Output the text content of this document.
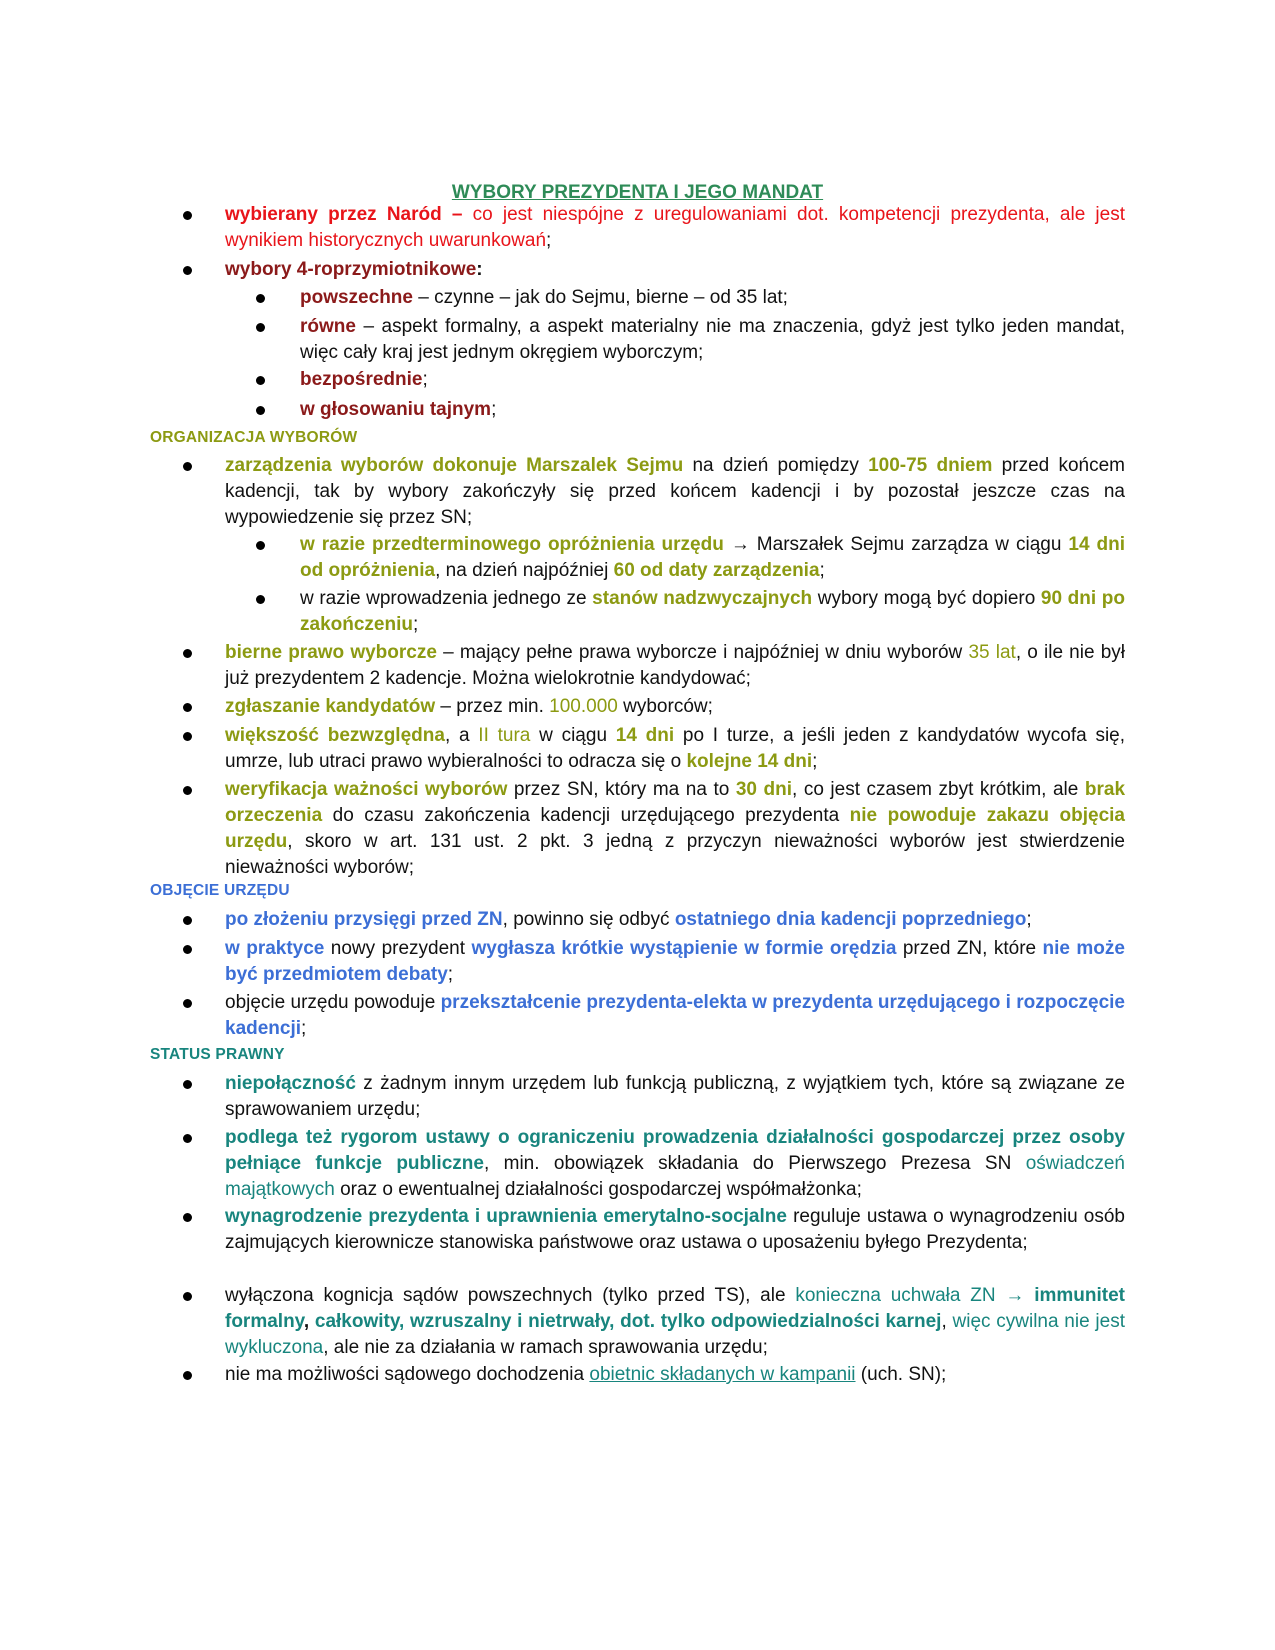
WYBORY PREZYDENTA I JEGO MANDAT
wybierany przez Naród – co jest niespójne z uregulowaniami dot. kompetencji prezydenta, ale jest wynikiem historycznych uwarunkowań;
wybory 4-roprzymiotnikowe:
powszechne – czynne – jak do Sejmu, bierne – od 35 lat;
równe – aspekt formalny, a aspekt materialny nie ma znaczenia, gdyż jest tylko jeden mandat, więc cały kraj jest jednym okręgiem wyborczym;
bezpośrednie;
w głosowaniu tajnym;
ORGANIZACJA WYBORÓW
zarządzenia wyborów dokonuje Marszalek Sejmu na dzień pomiędzy 100-75 dniem przed końcem kadencji, tak by wybory zakończyły się przed końcem kadencji i by pozostał jeszcze czas na wypowiedzenie się przez SN;
w razie przedterminowego opróżnienia urzędu → Marszałek Sejmu zarządza w ciągu 14 dni od opróżnienia, na dzień najpóźniej 60 od daty zarządzenia;
w razie wprowadzenia jednego ze stanów nadzwyczajnych wybory mogą być dopiero 90 dni po zakończeniu;
bierne prawo wyborcze – mający pełne prawa wyborcze i najpóźniej w dniu wyborów 35 lat, o ile nie był już prezydentem 2 kadencje. Można wielokrotnie kandydować;
zgłaszanie kandydatów – przez min. 100.000 wyborców;
większość bezwzględna, a II tura w ciągu 14 dni po I turze, a jeśli jeden z kandydatów wycofa się, umrze, lub utraci prawo wybieralności to odracza się o kolejne 14 dni;
weryfikacja ważności wyborów przez SN, który ma na to 30 dni, co jest czasem zbyt krótkim, ale brak orzeczenia do czasu zakończenia kadencji urzędującego prezydenta nie powoduje zakazu objęcia urzędu, skoro w art. 131 ust. 2 pkt. 3 jedną z przyczyn nieważności wyborów jest stwierdzenie nieważności wyborów;
OBJĘCIE URZĘDU
po złożeniu przysięgi przed ZN, powinno się odbyć ostatniego dnia kadencji poprzedniego;
w praktyce nowy prezydent wygłasza krótkie wystąpienie w formie orędzia przed ZN, które nie może być przedmiotem debaty;
objęcie urzędu powoduje przekształcenie prezydenta-elekta w prezydenta urzędującego i rozpoczęcie kadencji;
STATUS PRAWNY
niepołączność z żadnym innym urzędem lub funkcją publiczną, z wyjątkiem tych, które są związane ze sprawowaniem urzędu;
podlega też rygorom ustawy o ograniczeniu prowadzenia działalności gospodarczej przez osoby pełniące funkcje publiczne, min. obowiązek składania do Pierwszego Prezesa SN oświadczeń majątkowych oraz o ewentualnej działalności gospodarczej współmałżonka;
wynagrodzenie prezydenta i uprawnienia emerytalno-socjalne reguluje ustawa o wynagrodzeniu osób zajmujących kierownicze stanowiska państwowe oraz ustawa o uposażeniu byłego Prezydenta;
wyłączona kognicja sądów powszechnych (tylko przed TS), ale konieczna uchwała ZN → immunitet formalny, całkowity, wzruszalny i nietrwały, dot. tylko odpowiedzialności karnej, więc cywilna nie jest wykluczona, ale nie za działania w ramach sprawowania urzędu;
nie ma możliwości sądowego dochodzenia obietnic składanych w kampanii (uch. SN);
